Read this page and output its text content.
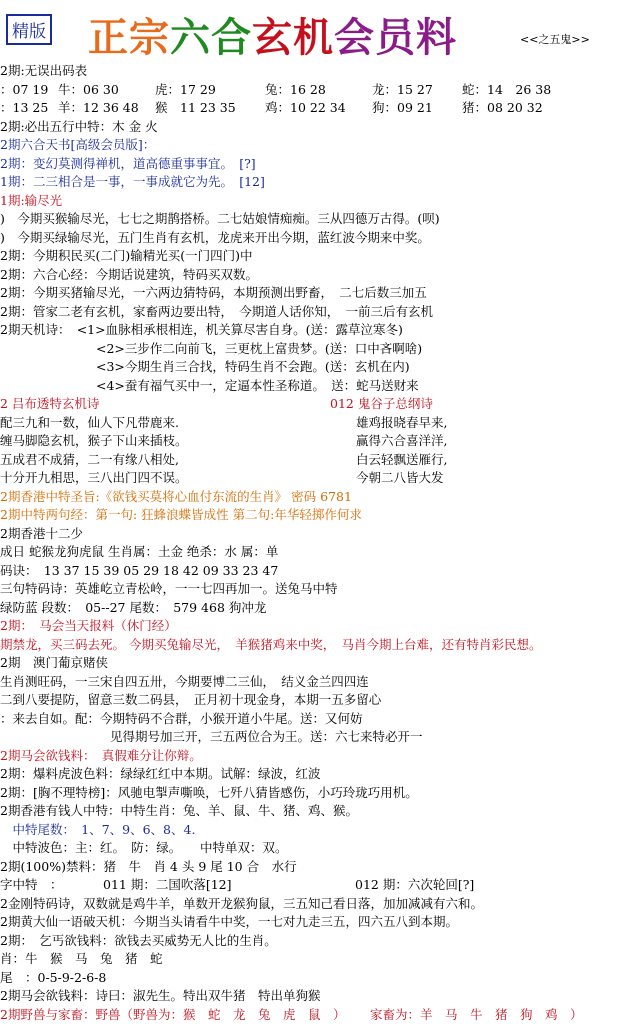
精版 正宗六合玄机会员料	<<之五鬼>>
2期:无误出码表
：07 19 牛：06 30	虎：17 29	兔：16 28	龙：15 27 蛇：14　26 38
：13 25 羊：12 36 48 猴　11 23 35 鸡：10 22 34 狗：09 21 猪：08 20 32
2期:必出五行中特：木 金 火
2期六合天书[高级会员版]：
2期：变幻莫测得禅机，道高德重事事宜。　[?]
1期：二三相合是一事，一事成就它为先。　[12]
1期:输尽光
)　今期买猴输尽光，七七之期鹊搭桥。二七姑娘情痴痴。三从四德万古得。(呗)
)　今期买绿输尽光，五门生肖有玄机，龙虎来开出今期，蓝红波今期来中奖。
2期：今期积民买(二门)输精光买(一门四门)中
2期：六合心经：今期话说建筑，特码买双数。
2期：今期买猪输尽光，一六两边猜特码，本期预测出野畜，　二七后数三加五
2期：管家二老有玄机，家畜两边要出特，　今期道人话你知，　一前三后有玄机
2期天机诗：　<1>血脉相承根相连，机关算尽害自身。(送：露草泣寒冬)
<2>三步作二向前飞，三更枕上富贵梦。(送：口中吝啊啥)
<3>今期生肖三合找，特码生肖不会跑。(送：玄机在内)
<4>蚕有福气买中一，定逼本性圣称道。　送：蛇马送财来
2 吕布透特玄机诗	012 鬼谷子总纲诗
配三九和一数，仙人下凡带鹿来.	雄鸡报晓春早来,
缠马脚隐玄机，猴子下山来插枝。	赢得六合喜洋洋,
五成君不成猜，二一有缘八相处,	白云轻飘送雁行,
十分开九相思，三八出门四不误。	今朝二八皆大发
2期香港中特圣旨:《欲钱买莫将心血付东流的生肖》 密码 6781
2期中特两句经：第一句: 狂蜂浪蝶皆成性 第二句:年华轻掷作何求
2期香港十二少
成日 蛇猴龙狗虎鼠 生肖属：土金 绝杀：水 属：单
码诀：　13 37 15 39 05 29 18 42 09 33 23 47
三句特码诗：英雄屹立青松岭，一一七四再加一。送兔马中特
绿防蓝 段数：　05--27 尾数：　579 468 狗冲龙
2期：　马会当天报料（休门经）
期禁龙，买三码去死。 今期买兔输尽光，　羊猴猪鸡来中奖，　马肖今期上台难，还有特肖彩民想。
2期　澳门葡京赌侠
生肖测旺码，一三宋自四五卅，今期要博二三仙，　结义金兰四四连
二到八要提防，留意三数二码县，　正月初十现金身，本期一五多留心
：来去自如。配：今期特码不合群，小猴开道小牛尾。送：又何妨
见得期号加三开，三五两位合为王。送：六七来特必开一
2期马会欲钱料：　真假难分让你辩。
2期：爆料虎波色料：绿绿红红中本期。试解：绿波，红波
2期：[胸不理特榜]：风驰电掣声嘶唤，七歼八猜皆感伤，小巧玲珑巧用机。
2期香港有钱人中特：中特生肖：兔、羊、鼠、牛、猪、鸡、猴。
　中特尾数：　1、7、9、6、8、4.
　中特波色：主：红。　防：绿。　　中特单双：双。
2期(100%)禁料：猪　牛　肖 4 头 9 尾 10 合　水行
字中特　：	011 期：二国吹落[12]	012 期：六次轮回[?]
2金刚特码诗，双数就是鸡牛羊，单数开龙猴狗鼠，三五知己看日落，加加减减有六和。
2期黄大仙一语破天机：今期当头请看牛中奖，一七对九走三五，四六五八到本期。
2期：　乞丐欲钱料：欲钱去买威势无人比的生肖。
肖：牛　猴　马　兔　猪　蛇
尾　：0-5-9-2-6-8
2期马会欲钱料：诗曰：淑先生。特出双牛猪　特出单狗猴
2期野兽与家畜：野兽（野兽为：猴　蛇　龙　兔　虎　鼠　） 家畜为：羊　马　牛　猪　狗　鸡　）
